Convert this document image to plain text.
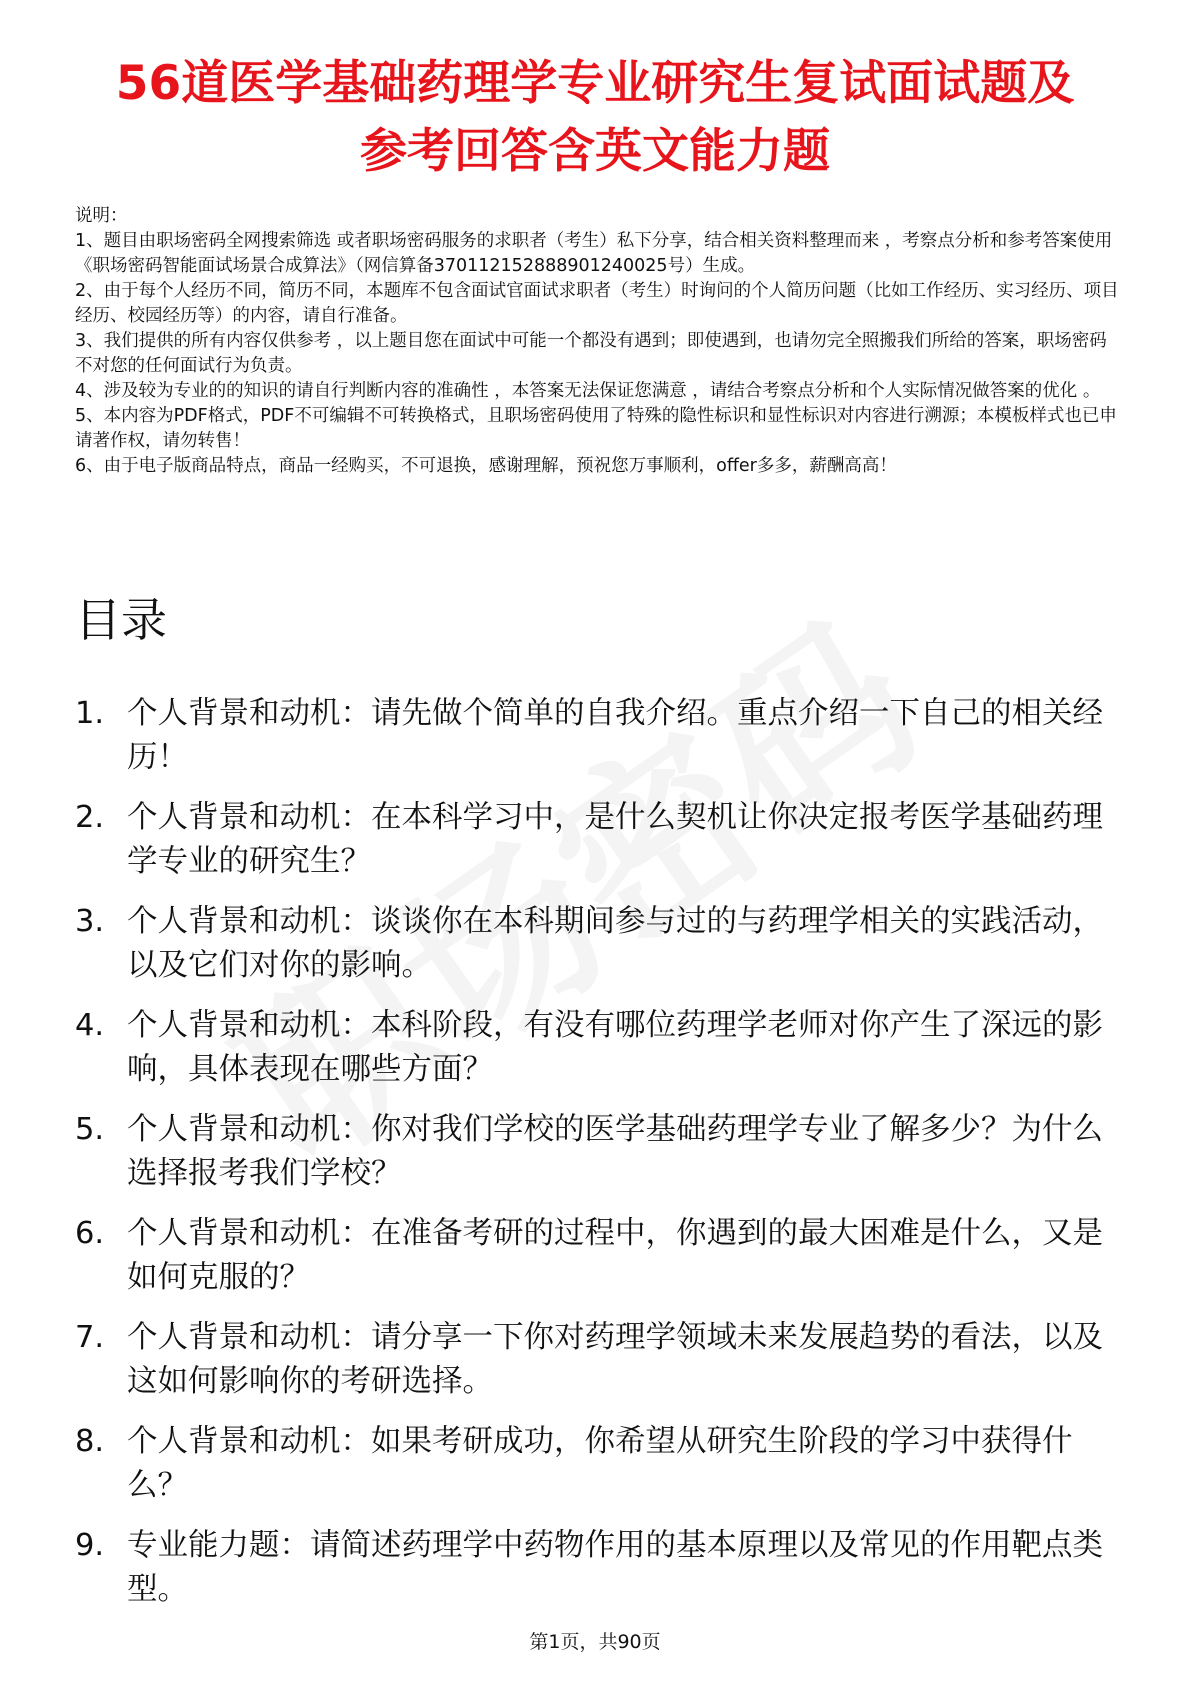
56道医学基础药理学专业研究生复试面试题及
参考回答含英文能力题

说明：

1、题目由职场密码全网搜索筛选 或者职场密码服务的求职者（考生）私下分享，结合相关资料整理而来 ，考察点分析和参考答案使用《职场密码智能面试场景合成算法》（网信算备370112152888901240025号）生成。

2、由于每个人经历不同，简历不同，本题库不包含面试官面试求职者（考生）时询问的个人简历问题（比如工作经历、实习经历、项目经历、校园经历等）的内容，请自行准备。

3、我们提供的所有内容仅供参考 ，以上题目您在面试中可能一个都没有遇到；即使遇到，也请勿完全照搬我们所给的答案，职场密码不对您的任何面试行为负责。

4、涉及较为专业的的知识的请自行判断内容的准确性 ，本答案无法保证您满意 ，请结合考察点分析和个人实际情况做答案的优化 。

5、本内容为PDF格式，PDF不可编辑不可转换格式，且职场密码使用了特殊的隐性标识和显性标识对内容进行溯源；本模板样式也已申请著作权，请勿转售！

6、由于电子版商品特点，商品一经购买，不可退换，感谢理解，预祝您万事顺利，offer多多，薪酬高高！

目录
1. 个人背景和动机：请先做个简单的自我介绍。重点介绍一下自己的相关经历！
2. 个人背景和动机：在本科学习中，是什么契机让你决定报考医学基础药理学专业的研究生？
3. 个人背景和动机：谈谈你在本科期间参与过的与药理学相关的实践活动，以及它们对你的影响。
4. 个人背景和动机：本科阶段，有没有哪位药理学老师对你产生了深远的影响，具体表现在哪些方面？
5. 个人背景和动机：你对我们学校的医学基础药理学专业了解多少？为什么选择报考我们学校？
6. 个人背景和动机：在准备考研的过程中，你遇到的最大困难是什么，又是如何克服的？
7. 个人背景和动机：请分享一下你对药理学领域未来发展趋势的看法，以及这如何影响你的考研选择。
8. 个人背景和动机：如果考研成功，你希望从研究生阶段的学习中获得什么？
9. 专业能力题：请简述药理学中药物作用的基本原理以及常见的作用靶点类型。
第1页，共90页
